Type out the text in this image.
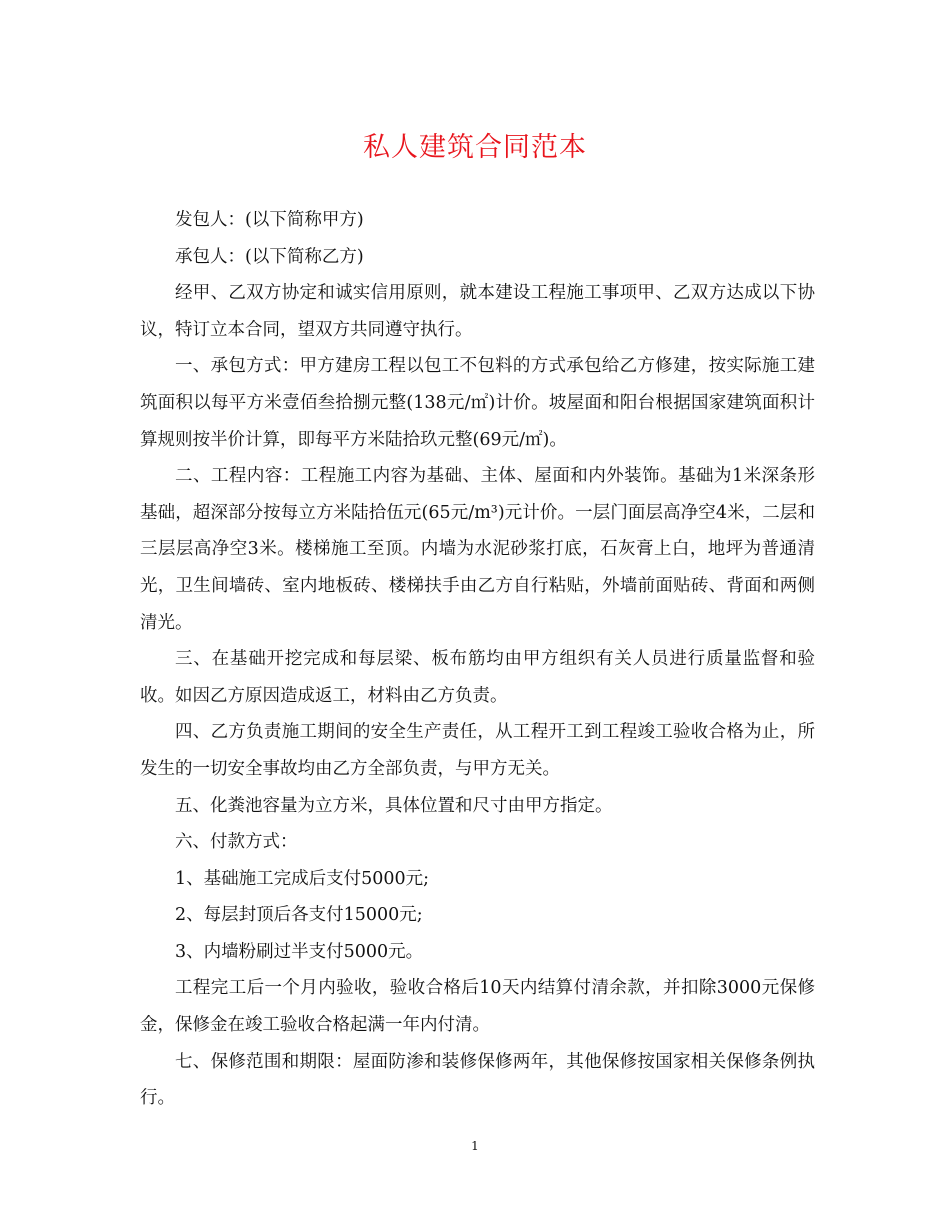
私人建筑合同范本

发包人：(以下简称甲方)

承包人：(以下简称乙方)

经甲、乙双方协定和诚实信用原则，就本建设工程施工事项甲、乙双方达成以下协议，特订立本合同，望双方共同遵守执行。

一、承包方式：甲方建房工程以包工不包料的方式承包给乙方修建，按实际施工建筑面积以每平方米壹佰叁拾捌元整(138元/㎡)计价。坡屋面和阳台根据国家建筑面积计算规则按半价计算，即每平方米陆拾玖元整(69元/㎡)。

二、工程内容：工程施工内容为基础、主体、屋面和内外装饰。基础为1米深条形基础，超深部分按每立方米陆拾伍元(65元/m³)元计价。一层门面层高净空4米，二层和三层层高净空3米。楼梯施工至顶。内墙为水泥砂浆打底，石灰膏上白，地坪为普通清光，卫生间墙砖、室内地板砖、楼梯扶手由乙方自行粘贴，外墙前面贴砖、背面和两侧清光。

三、在基础开挖完成和每层梁、板布筋均由甲方组织有关人员进行质量监督和验收。如因乙方原因造成返工，材料由乙方负责。

四、乙方负责施工期间的安全生产责任，从工程开工到工程竣工验收合格为止，所发生的一切安全事故均由乙方全部负责，与甲方无关。

五、化粪池容量为立方米，具体位置和尺寸由甲方指定。

六、付款方式：

1、基础施工完成后支付5000元;

2、每层封顶后各支付15000元;

3、内墙粉刷过半支付5000元。

工程完工后一个月内验收，验收合格后10天内结算付清余款，并扣除3000元保修金，保修金在竣工验收合格起满一年内付清。

七、保修范围和期限：屋面防渗和装修保修两年，其他保修按国家相关保修条例执行。

1
